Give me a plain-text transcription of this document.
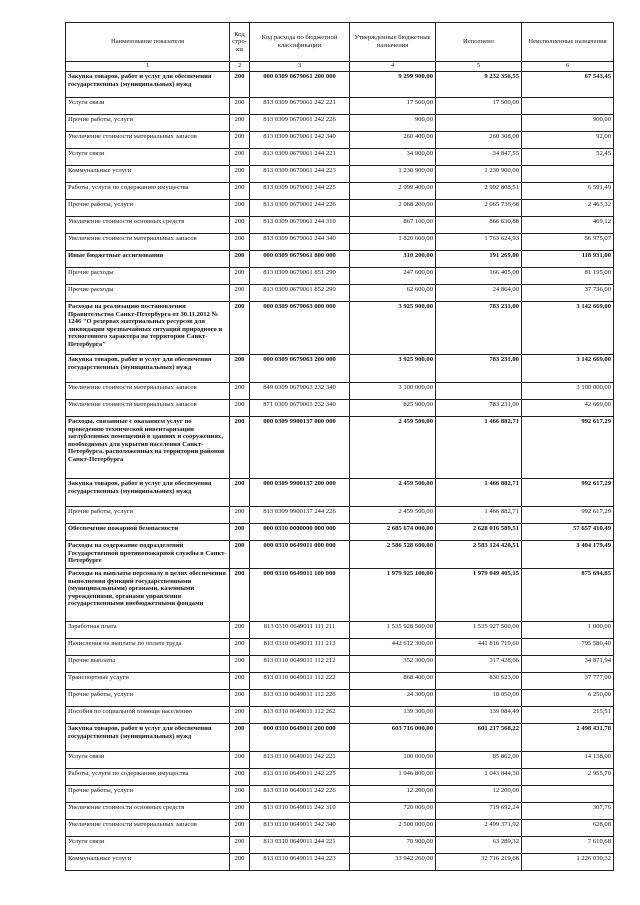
Наименование показателя	Код стро-ки	Код расхода по бюджетной классификации	Утвержденные бюджетные назначения	Исполнено	Неисполненные назначения
1	2	3	4	5	6
Закупка товаров, работ и услуг для обеспечения государственных (муниципальных) нужд	200	000 0309 0679061 200 000	9 299 900,00	9 232 356,55	67 543,45
Услуги связи	200	813 0309 0679061 242 221	17 500,00	17 500,00	
Прочие работы, услуги	200	813 0309 0679061 242 226	900,00		900,00
Увеличение стоимости материальных запасов	200	813 0309 0679061 242 340	260 400,00	260 308,00	92,00
Услуги связи	200	813 0309 0679061 244 221	34 900,00	34 847,55	52,45
Коммунальные услуги	200	813 0309 0679061 244 223	1 230 900,00	1 230 900,00	
Работы, услуги по содержанию имущества	200	813 0309 0679061 244 225	2 999 400,00	2 992 808,51	6 591,49
Прочие работы, услуги	200	813 0309 0679061 244 226	2 068 200,00	2 065 736,68	2 463,32
Увеличение стоимости основных средств	200	813 0309 0679061 244 310	867 100,00	866 630,88	469,12
Увеличение стоимости материальных запасов	200	813 0309 0679061 244 340	1 820 600,00	1 763 624,93	56 975,07
Иные бюджетные ассигнования	200	000 0309 0679061 800 000	310 200,00	191 269,00	118 931,00
Прочие расходы	200	813 0309 0679061 851 290	247 600,00	166 405,00	81 195,00
Прочие расходы	200	813 0309 0679061 852 290	62 600,00	24 864,00	37 736,00
Расходы на реализацию постановления Правительства Санкт-Петербурга от 30.11.2012 № 1246 "О резервах материальных ресурсов для ликвидации чрезвычайных ситуаций природного и техногенного характера на территории Санкт-Петербурга"	200	000 0309 0679063 000 000	3 925 900,00	783 231,00	3 142 669,00
Закупка товаров, работ и услуг для обеспечения государственных (муниципальных) нужд	200	000 0309 0679063 200 000	3 925 900,00	783 231,00	3 142 669,00
Увеличение стоимости материальных запасов	200	849 0309 0679063 232 340	3 100 000,00		3 100 000,00
Увеличение стоимости материальных запасов	200	871 0309 0679063 232 340	825 900,00	783 231,00	42 669,00
Расходы, связанные с оказанием услуг по проведению технической инвентаризации заглубленных помещений в зданиях и сооружениях, пообходимых для укрытия населения Санкт-Петербурга, расположенных на территории районов Санкт-Петербурга	200	000 0309 9900137 000 000	2 459 500,00	1 466 882,71	992 617,29
Закупка товаров, работ и услуг для обеспечения государственных (муниципальных) нужд	200	000 0309 9900137 200 000	2 459 500,00	1 466 882,71	992 617,29
Прочие работы, услуги	200	813 0309 9900137 244 226	2 459 500,00	1 466 882,71	992 617,29
Обеспечение пожарной безопасности	200	000 0310 0000000 000 000	2 685 674 000,00	2 628 016 589,51	57 657 410,49
Расходы на содержание подразделений Государственной противопожарной службы в Санкт-Петербурге	200	000 0310 0649011 000 000	2 586 528 600,00	2 583 124 420,51	3 404 179,49
Расходы на выплаты персоналу в целях обеспечения выполнения функций государственными (муниципальными) органами, казенными учреждениями, органами управления государственными внебюджетными фондами	200	000 0310 0649011 100 000	1 979 925 100,00	1 979 049 405,15	875 694,85
Заработная плата	200	813 0310 0649011 111 211	1 535 928 500,00	1 535 927 500,00	1 000,00
Начисления на выплаты по оплате труда	200	813 0310 0649011 111 213	442 612 300,00	441 816 719,60	795 580,40
Прочие выплаты	200	813 0310 0649011 112 212	352 300,00	317 428,06	34 871,94
Транспортные услуги	200	813 0310 0649011 112 222	868 400,00	830 623,00	37 777,00
Прочие работы, услуги	200	813 0310 0649011 112 226	24 300,00	18 050,00	6 250,00
Пособия по социальной помощи населению	200	813 0310 0649011 112 262	139 300,00	139 084,49	215,51
Закупка товаров, работ и услуг для обеспечения государственных (муниципальных) нужд	200	000 0310 0649011 200 000	603 716 000,00	601 217 568,22	2 498 431,78
Услуги связи	200	813 0310 0649011 242 221	100 000,00	85 862,00	14 138,00
Работы, услуги по содержанию имущества	200	813 0310 0649011 242 225	1 046 800,00	1 043 844,30	2 955,70
Прочие работы, услуги	200	813 0310 0649011 242 226	12 200,00	12 200,00	
Увеличение стоимости основных средств	200	813 0310 0649011 242 310	720 000,00	719 692,24	307,76
Увеличение стоимости материальных запасов	200	813 0310 0649011 242 340	2 500 000,00	2 499 371,92	628,08
Услуги связи	200	813 0310 0649011 244 221	70 900,00	63 289,32	7 610,68
Коммунальные услуги	200	813 0310 0649011 244 223	33 942 260,00	32 716 219,68	1 226 030,32
